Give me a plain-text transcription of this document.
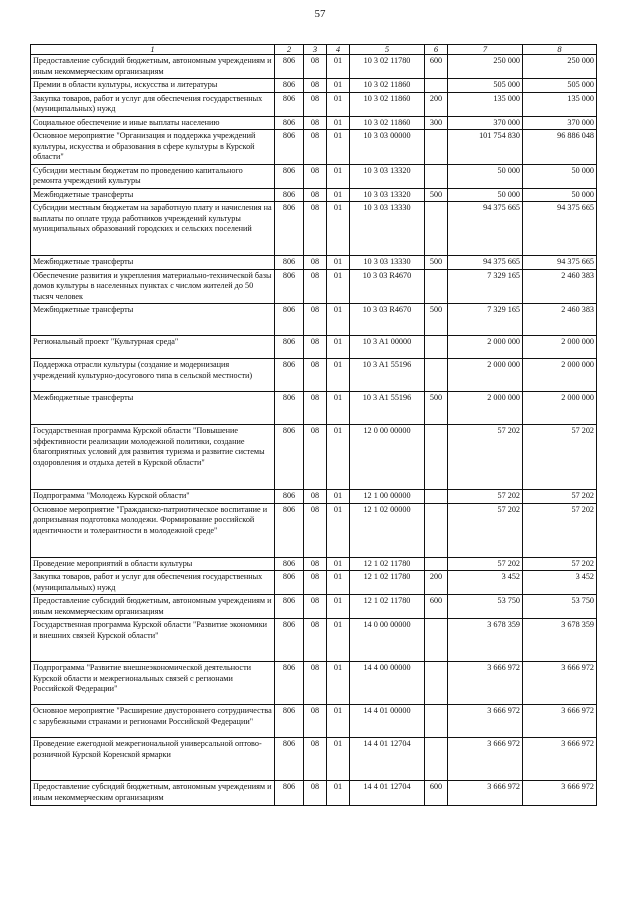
57
1	2	3	4	5	6	7	8
Предоставление субсидий бюджетным, автономным учреждениям и иным некоммерческим организациям	806	08	01	10 3 02 11780	600	250 000	250 000
Премии в области культуры, искусства и литературы	806	08	01	10 3 02 11860		505 000	505 000
Закупка товаров, работ и услуг для обеспечения государственных (муниципальных) нужд	806	08	01	10 3 02 11860	200	135 000	135 000
Социальное обеспечение и иные выплаты населению	806	08	01	10 3 02 11860	300	370 000	370 000
Основное мероприятие "Организация и поддержка учреждений культуры, искусства и образования в сфере культуры в Курской области"	806	08	01	10 3 03 00000		101 754 830	96 886 048
Субсидии местным бюджетам по проведению капитального ремонта учреждений культуры	806	08	01	10 3 03 13320		50 000	50 000
Межбюджетные трансферты	806	08	01	10 3 03 13320	500	50 000	50 000
Субсидии местным бюджетам на заработную плату и начисления на выплаты по оплате труда работников учреждений культуры муниципальных образований городских и сельских поселений	806	08	01	10 3 03 13330		94 375 665	94 375 665
Межбюджетные трансферты	806	08	01	10 3 03 13330	500	94 375 665	94 375 665
Обеспечение развития и укрепления материально-технической базы домов культуры в населенных пунктах с числом жителей до 50 тысяч человек	806	08	01	10 3 03 R4670		7 329 165	2 460 383
Межбюджетные трансферты	806	08	01	10 3 03 R4670	500	7 329 165	2 460 383
Региональный проект "Культурная среда"	806	08	01	10 3 A1 00000		2 000 000	2 000 000
Поддержка отрасли культуры (создание и модернизация учреждений культурно-досугового типа в сельской местности)	806	08	01	10 3 A1 55196		2 000 000	2 000 000
Межбюджетные трансферты	806	08	01	10 3 A1 55196	500	2 000 000	2 000 000
Государственная программа Курской области "Повышение эффективности реализации молодежной политики, создание благоприятных условий для развития туризма и развитие системы оздоровления и отдыха детей в Курской области"	806	08	01	12 0 00 00000		57 202	57 202
Подпрограмма "Молодежь Курской области"	806	08	01	12 1 00 00000		57 202	57 202
Основное мероприятие "Гражданско-патриотическое воспитание и допризывная подготовка молодежи. Формирование российской идентичности и толерантности в молодежной среде"	806	08	01	12 1 02 00000		57 202	57 202
Проведение мероприятий в области культуры	806	08	01	12 1 02 11780		57 202	57 202
Закупка товаров, работ и услуг для обеспечения государственных (муниципальных) нужд	806	08	01	12 1 02 11780	200	3 452	3 452
Предоставление субсидий бюджетным, автономным учреждениям и иным некоммерческим организациям	806	08	01	12 1 02 11780	600	53 750	53 750
Государственная программа Курской области "Развитие экономики и внешних связей Курской области"	806	08	01	14 0 00 00000		3 678 359	3 678 359
Подпрограмма "Развитие внешнеэкономической деятельности Курской области и межрегиональных связей с регионами Российской Федерации"	806	08	01	14 4 00 00000		3 666 972	3 666 972
Основное мероприятие "Расширение двустороннего сотрудничества с зарубежными странами и регионами Российской Федерации"	806	08	01	14 4 01 00000		3 666 972	3 666 972
Проведение ежегодной межрегиональной универсальной оптово-розничной Курской Коренской ярмарки	806	08	01	14 4 01 12704		3 666 972	3 666 972
Предоставление субсидий бюджетным, автономным учреждениям и иным некоммерческим организациям	806	08	01	14 4 01 12704	600	3 666 972	3 666 972
